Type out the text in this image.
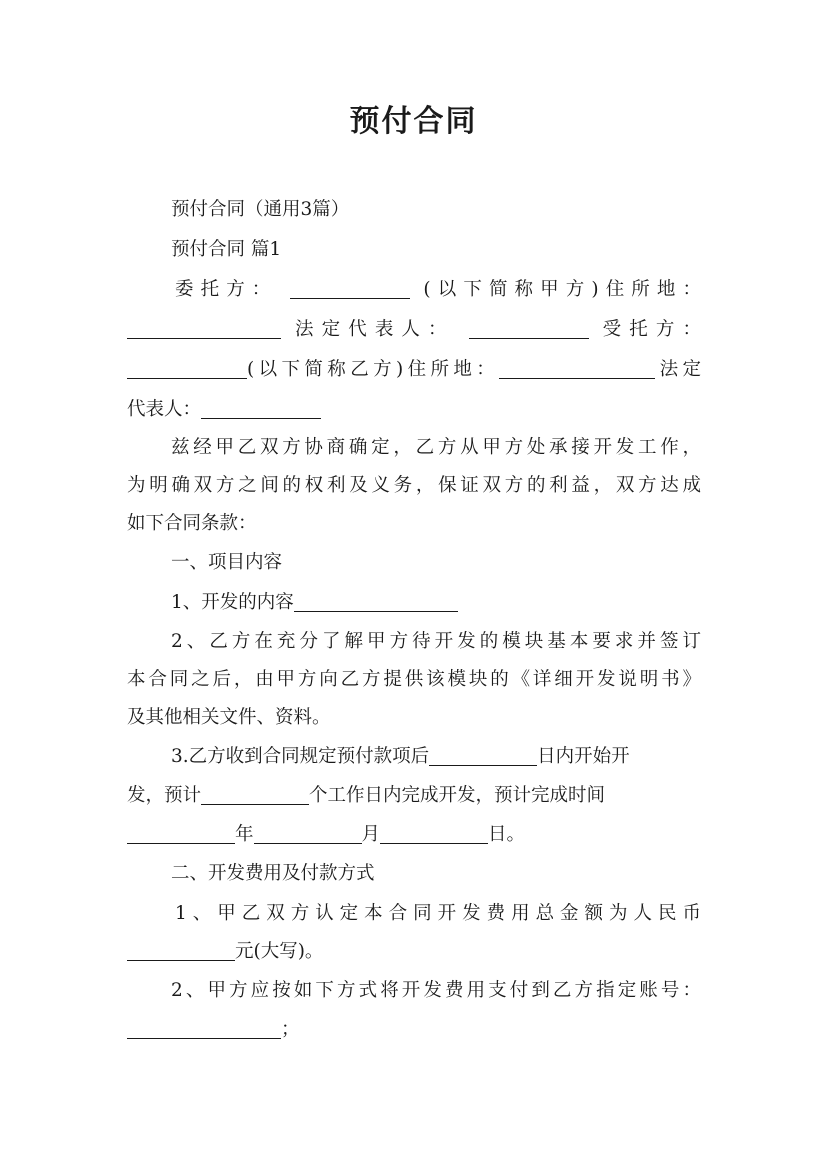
预付合同
预付合同（通用3篇）
预付合同 篇1
委托方：	(以下简称甲方)住所地：
法定代表人：	受托方：
(以下简称乙方)住所地：	法定
代表人：
兹经甲乙双方协商确定，乙方从甲方处承接开发工作，
为明确双方之间的权利及义务，保证双方的利益，双方达成
如下合同条款：
一、项目内容
1、开发的内容
2、乙方在充分了解甲方待开发的模块基本要求并签订
本合同之后，由甲方向乙方提供该模块的《详细开发说明书》
及其他相关文件、资料。
3.乙方收到合同规定预付款项后	日内开始开
发，预计	个工作日内完成开发，预计完成时间
年	月	日。
二、开发费用及付款方式
1、甲乙双方认定本合同开发费用总金额为人民币
元(大写)。
2、甲方应按如下方式将开发费用支付到乙方指定账号：
；
